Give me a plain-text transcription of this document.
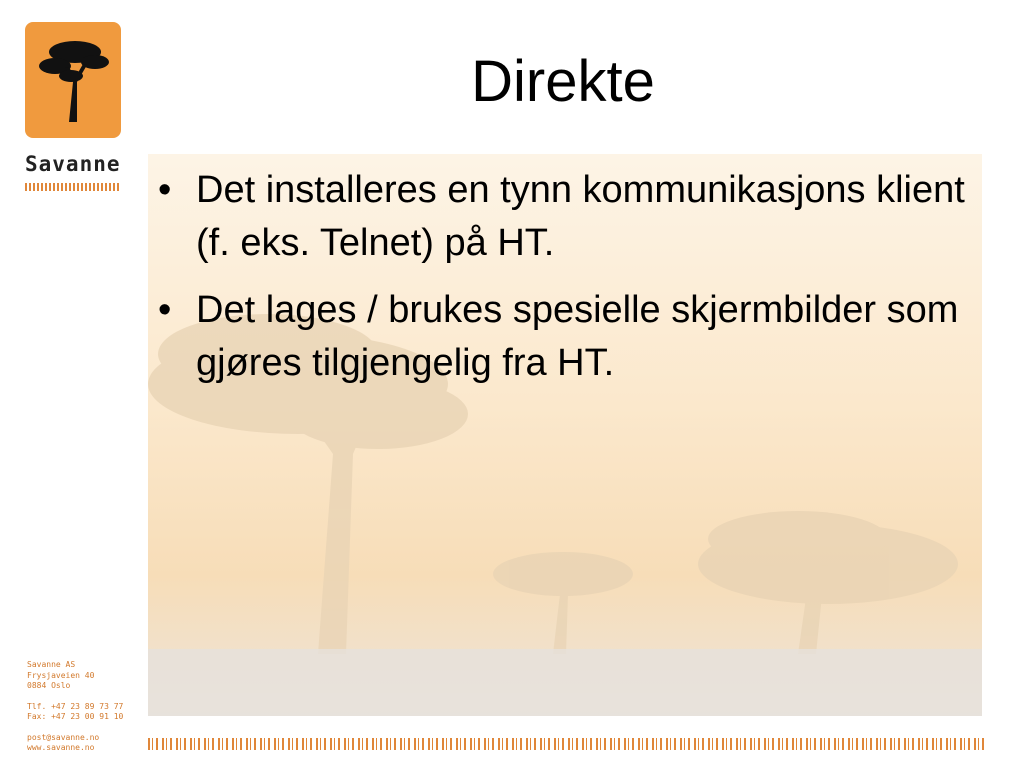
Savanne
Savanne AS
Frysjaveien 40
0884 Oslo
Tlf. +47 23 89 73 77
Fax: +47 23 00 91 10
post@savanne.no
www.savanne.no
Direkte
• Det installeres en tynn kommunikasjons klient (f. eks. Telnet) på HT.
• Det lages / brukes spesielle skjermbilder som gjøres tilgjengelig fra HT.
